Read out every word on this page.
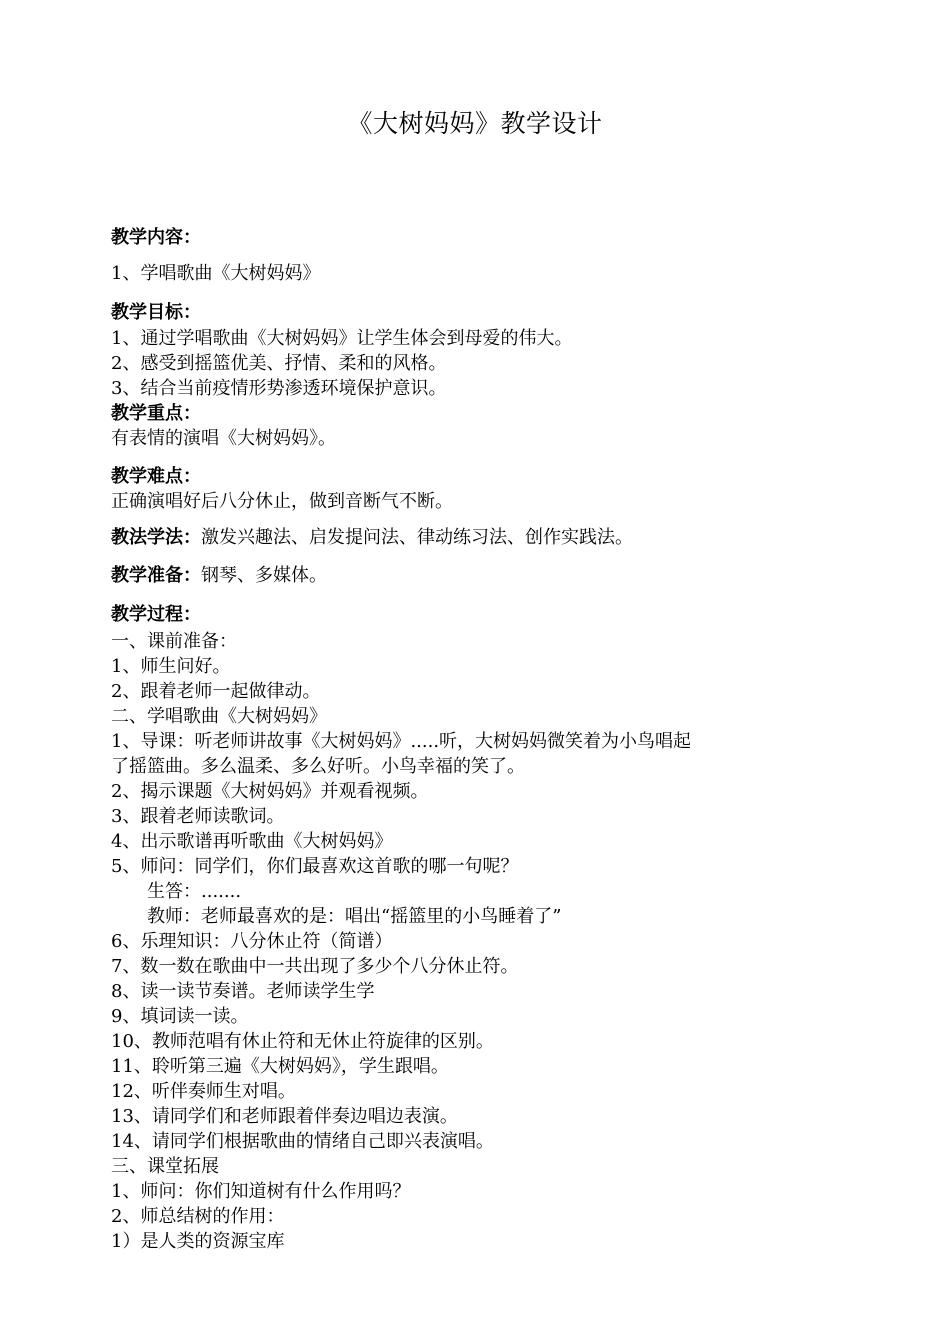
《大树妈妈》教学设计
教学内容：
1、学唱歌曲《大树妈妈》
教学目标：
1、通过学唱歌曲《大树妈妈》让学生体会到母爱的伟大。
2、感受到摇篮优美、抒情、柔和的风格。
3、结合当前疫情形势渗透环境保护意识。
教学重点：
有表情的演唱《大树妈妈》。
教学难点：
正确演唱好后八分休止，做到音断气不断。
教法学法：激发兴趣法、启发提问法、律动练习法、创作实践法。
教学准备：钢琴、多媒体。
教学过程：
一、课前准备：
1、师生问好。
2、跟着老师一起做律动。
二、学唱歌曲《大树妈妈》
1、导课：听老师讲故事《大树妈妈》.....听，大树妈妈微笑着为小鸟唱起
了摇篮曲。多么温柔、多么好听。小鸟幸福的笑了。
2、揭示课题《大树妈妈》并观看视频。
3、跟着老师读歌词。
4、出示歌谱再听歌曲《大树妈妈》
5、师问：同学们，你们最喜欢这首歌的哪一句呢？
生答：.......
教师：老师最喜欢的是：唱出“摇篮里的小鸟睡着了”
6、乐理知识：八分休止符（简谱）
7、数一数在歌曲中一共出现了多少个八分休止符。
8、读一读节奏谱。老师读学生学
9、填词读一读。
10、教师范唱有休止符和无休止符旋律的区别。
11、聆听第三遍《大树妈妈》，学生跟唱。
12、听伴奏师生对唱。
13、请同学们和老师跟着伴奏边唱边表演。
14、请同学们根据歌曲的情绪自己即兴表演唱。
三、课堂拓展
1、师问：你们知道树有什么作用吗？
2、师总结树的作用：
1）是人类的资源宝库
